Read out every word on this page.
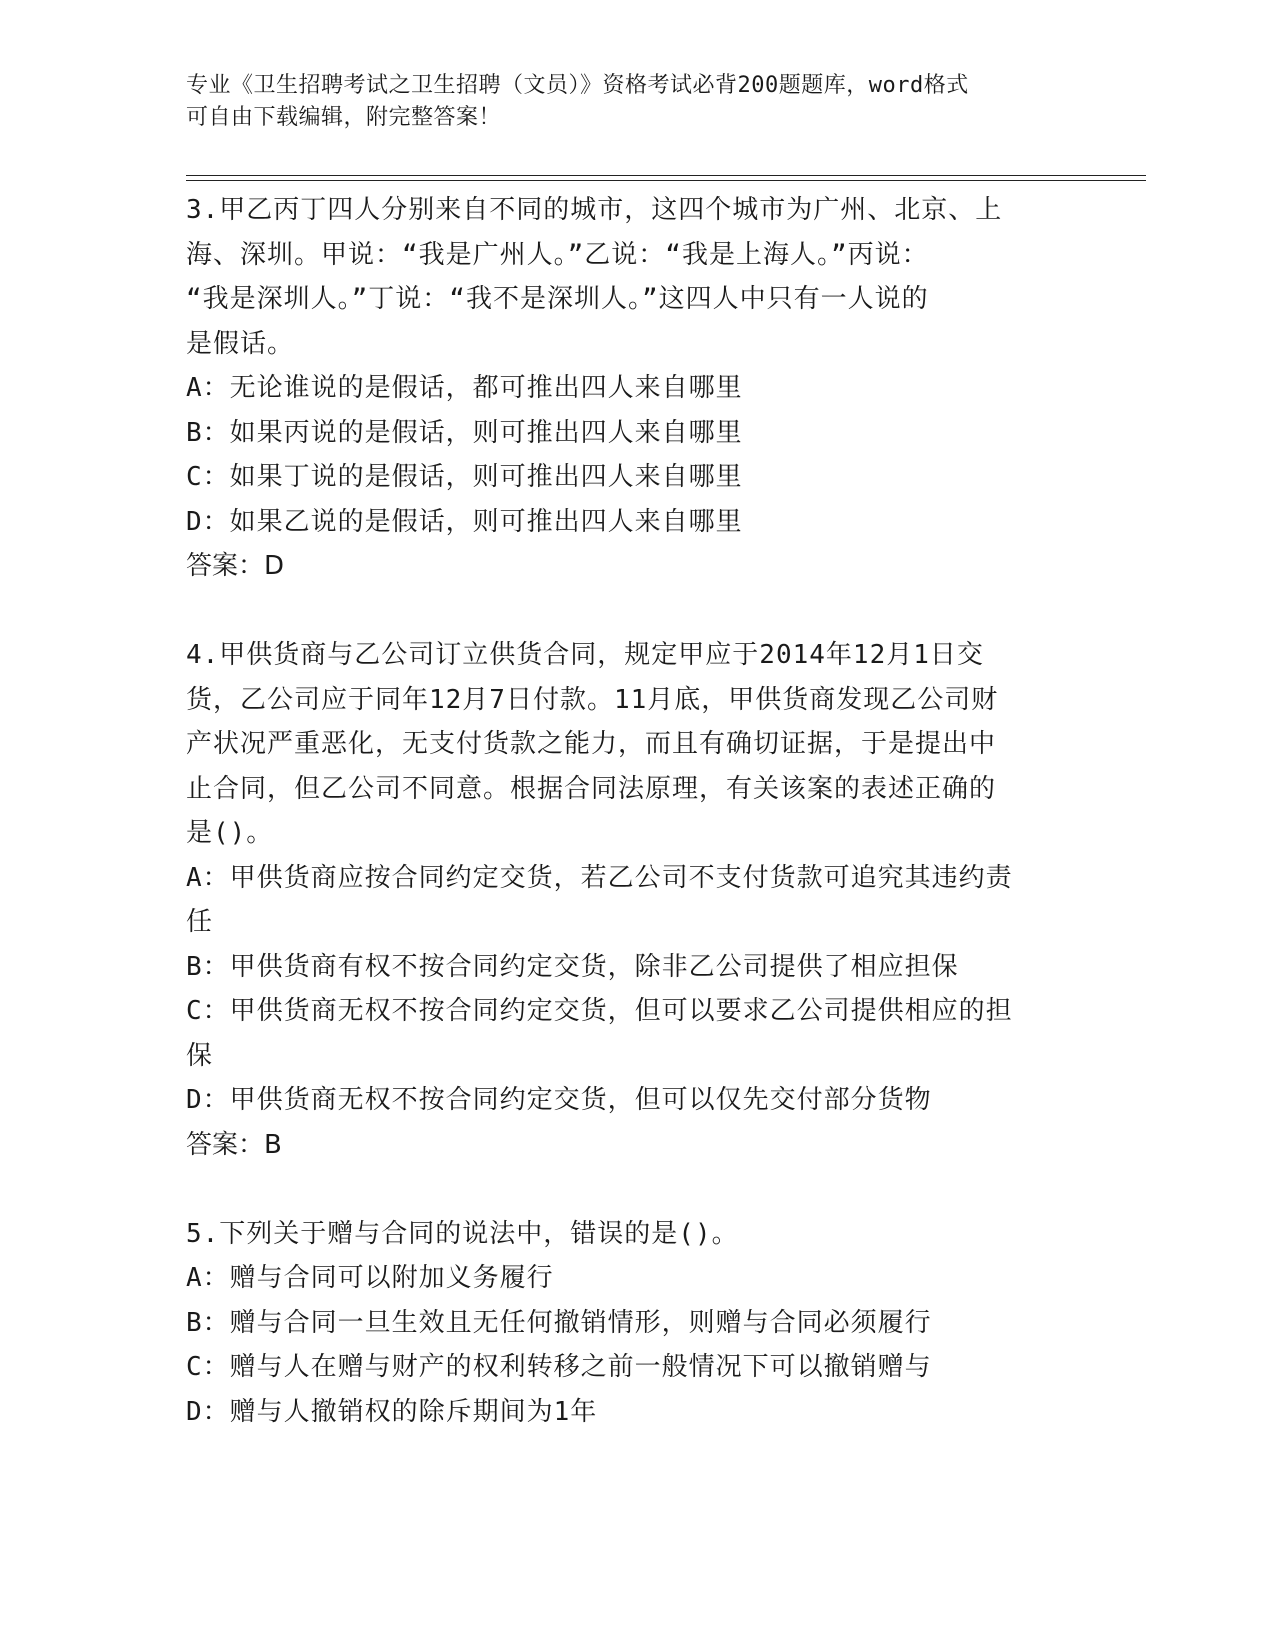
专业《卫生招聘考试之卫生招聘（文员）》资格考试必背200题题库，word格式
可自由下载编辑，附完整答案！

3.甲乙丙丁四人分别来自不同的城市，这四个城市为广州、北京、上

海、深圳。甲说：“我是广州人。”乙说：“我是上海人。”丙说：

“我是深圳人。”丁说：“我不是深圳人。”这四人中只有一人说的

是假话。

A：无论谁说的是假话，都可推出四人来自哪里

B：如果丙说的是假话，则可推出四人来自哪里

C：如果丁说的是假话，则可推出四人来自哪里

D：如果乙说的是假话，则可推出四人来自哪里

答案：D

4.甲供货商与乙公司订立供货合同，规定甲应于2014年12月1日交

货，乙公司应于同年12月7日付款。11月底，甲供货商发现乙公司财

产状况严重恶化，无支付货款之能力，而且有确切证据，于是提出中

止合同，但乙公司不同意。根据合同法原理，有关该案的表述正确的

是()。

A：甲供货商应按合同约定交货，若乙公司不支付货款可追究其违约责

任

B：甲供货商有权不按合同约定交货，除非乙公司提供了相应担保

C：甲供货商无权不按合同约定交货，但可以要求乙公司提供相应的担

保

D：甲供货商无权不按合同约定交货，但可以仅先交付部分货物

答案：B

5.下列关于赠与合同的说法中，错误的是()。

A：赠与合同可以附加义务履行

B：赠与合同一旦生效且无任何撤销情形，则赠与合同必须履行

C：赠与人在赠与财产的权利转移之前一般情况下可以撤销赠与

D：赠与人撤销权的除斥期间为1年
